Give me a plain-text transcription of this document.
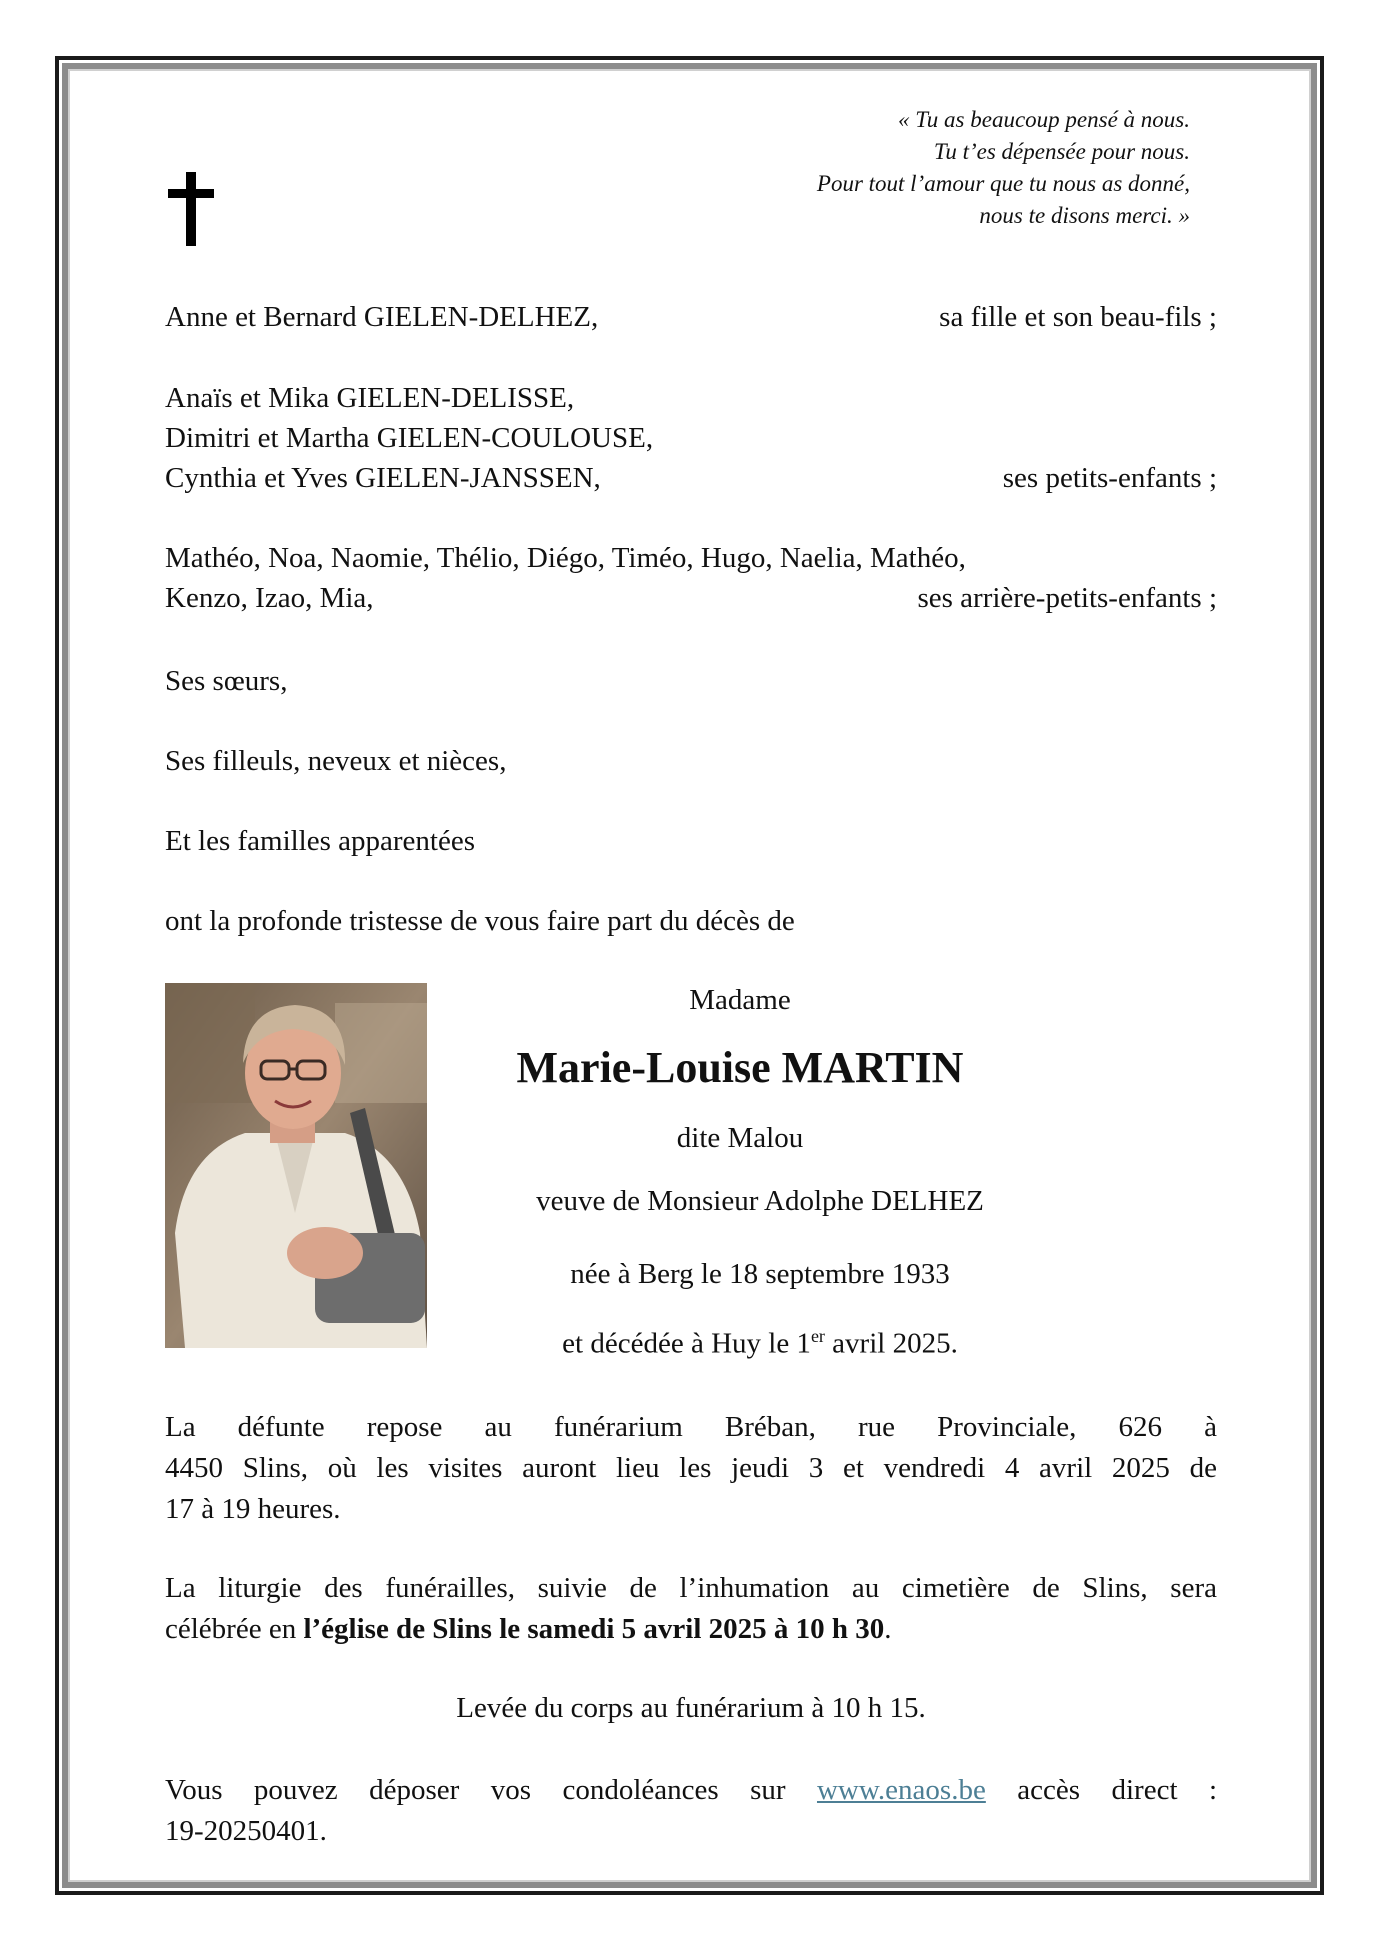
« Tu as beaucoup pensé à nous.
Tu t’es dépensée pour nous.
Pour tout l’amour que tu nous as donné,
nous te disons merci. »
Anne et Bernard GIELEN-DELHEZ,	sa fille et son beau-fils ;
Anaïs et Mika GIELEN-DELISSE,
Dimitri et Martha GIELEN-COULOUSE,
Cynthia et Yves GIELEN-JANSSEN,	ses petits-enfants ;
Mathéo, Noa, Naomie, Thélio, Diégo, Timéo, Hugo, Naelia, Mathéo,
Kenzo, Izao, Mia,	ses arrière-petits-enfants ;
Ses sœurs,
Ses filleuls, neveux et nièces,
Et les familles apparentées
ont la profonde tristesse de vous faire part du décès de
Madame
Marie-Louise MARTIN
dite Malou
veuve de Monsieur Adolphe DELHEZ
née à Berg le 18 septembre 1933
et décédée à Huy le 1er avril 2025.
La défunte repose au funérarium Bréban, rue Provinciale, 626 à
4450 Slins, où les visites auront lieu les jeudi 3 et vendredi 4 avril 2025 de
17 à 19 heures.
La liturgie des funérailles, suivie de l’inhumation au cimetière de Slins, sera
célébrée en l’église de Slins le samedi 5 avril 2025 à 10 h 30.
Levée du corps au funérarium à 10 h 15.
Vous pouvez déposer vos condoléances sur www.enaos.be accès direct :
19-20250401.
